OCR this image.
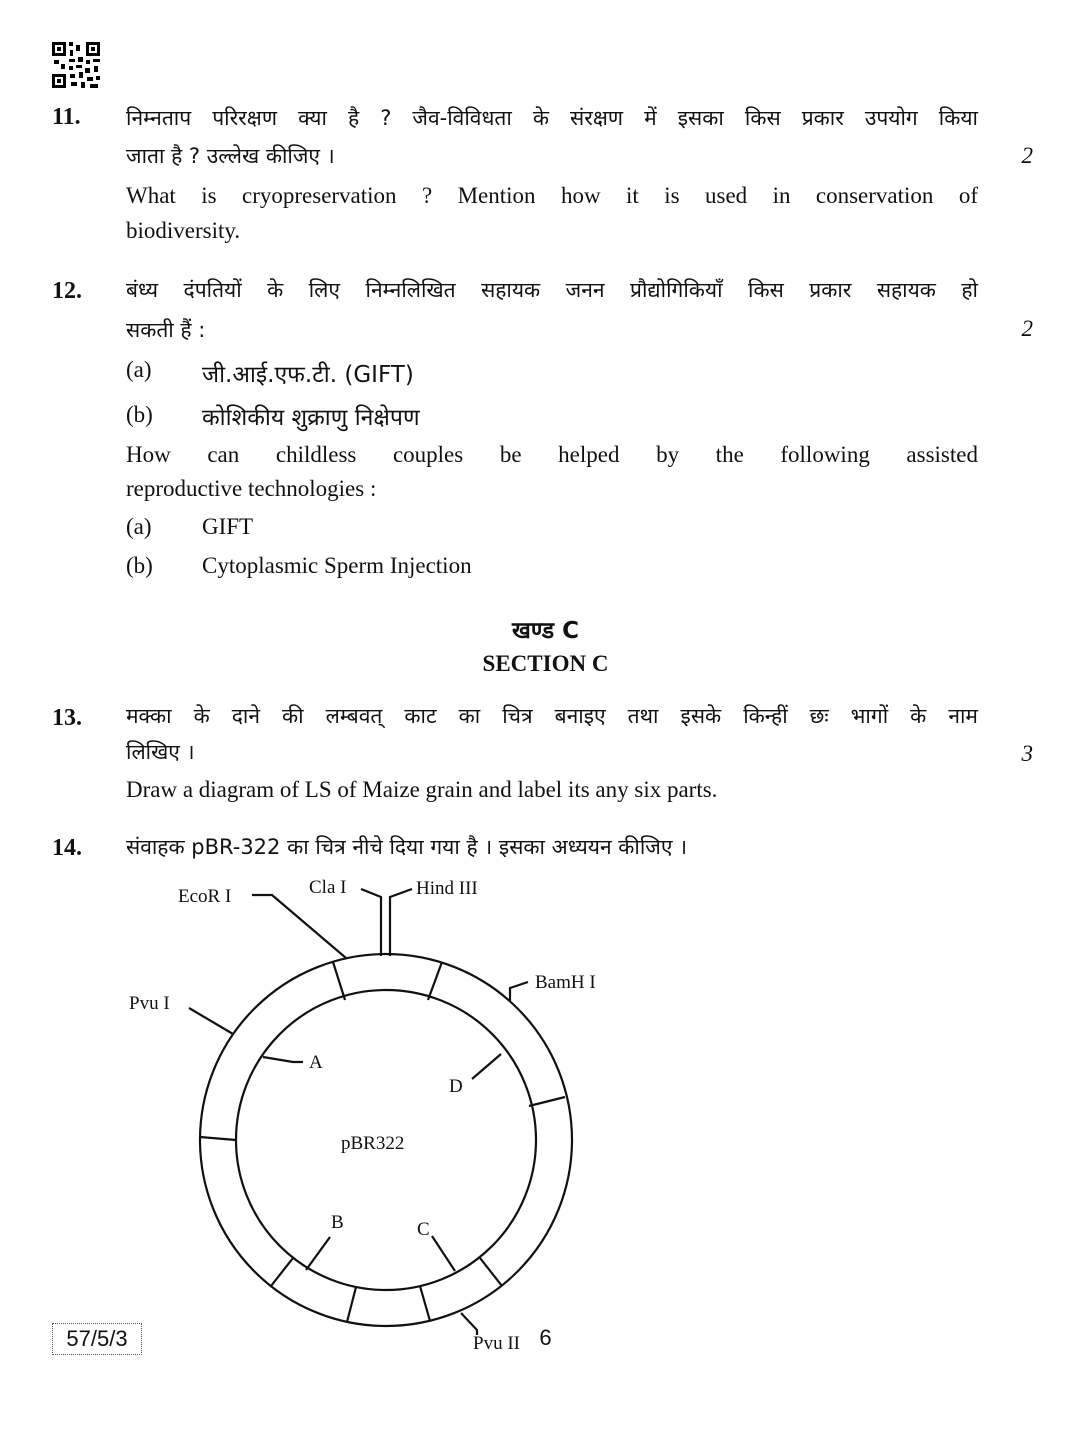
11. निम्नताप परिरक्षण क्या है ? जैव-विविधता के संरक्षण में इसका किस प्रकार उपयोग किया
जाता है ? उल्लेख कीजिए ।	2
What is cryopreservation ? Mention how it is used in conservation of
biodiversity.
12. बंध्य दंपतियों के लिए निम्नलिखित सहायक जनन प्रौद्योगिकियाँ किस प्रकार सहायक हो
सकती हैं :	2
(a) जी.आई.एफ.टी. (GIFT)
(b) कोशिकीय शुक्राणु निक्षेपण
How can childless couples be helped by the following assisted
reproductive technologies :
(a) GIFT
(b) Cytoplasmic Sperm Injection
खण्ड C
SECTION C
13. मक्का के दाने की लम्बवत् काट का चित्र बनाइए तथा इसके किन्हीं छः भागों के नाम
लिखिए ।	3
Draw a diagram of LS of Maize grain and label its any six parts.
14. संवाहक pBR-322 का चित्र नीचे दिया गया है । इसका अध्ययन कीजिए ।
EcoR I	Cla I	Hind III
BamH I
Pvu I
Pvu II
A
D
B	C
pBR322
57/5/3	6
